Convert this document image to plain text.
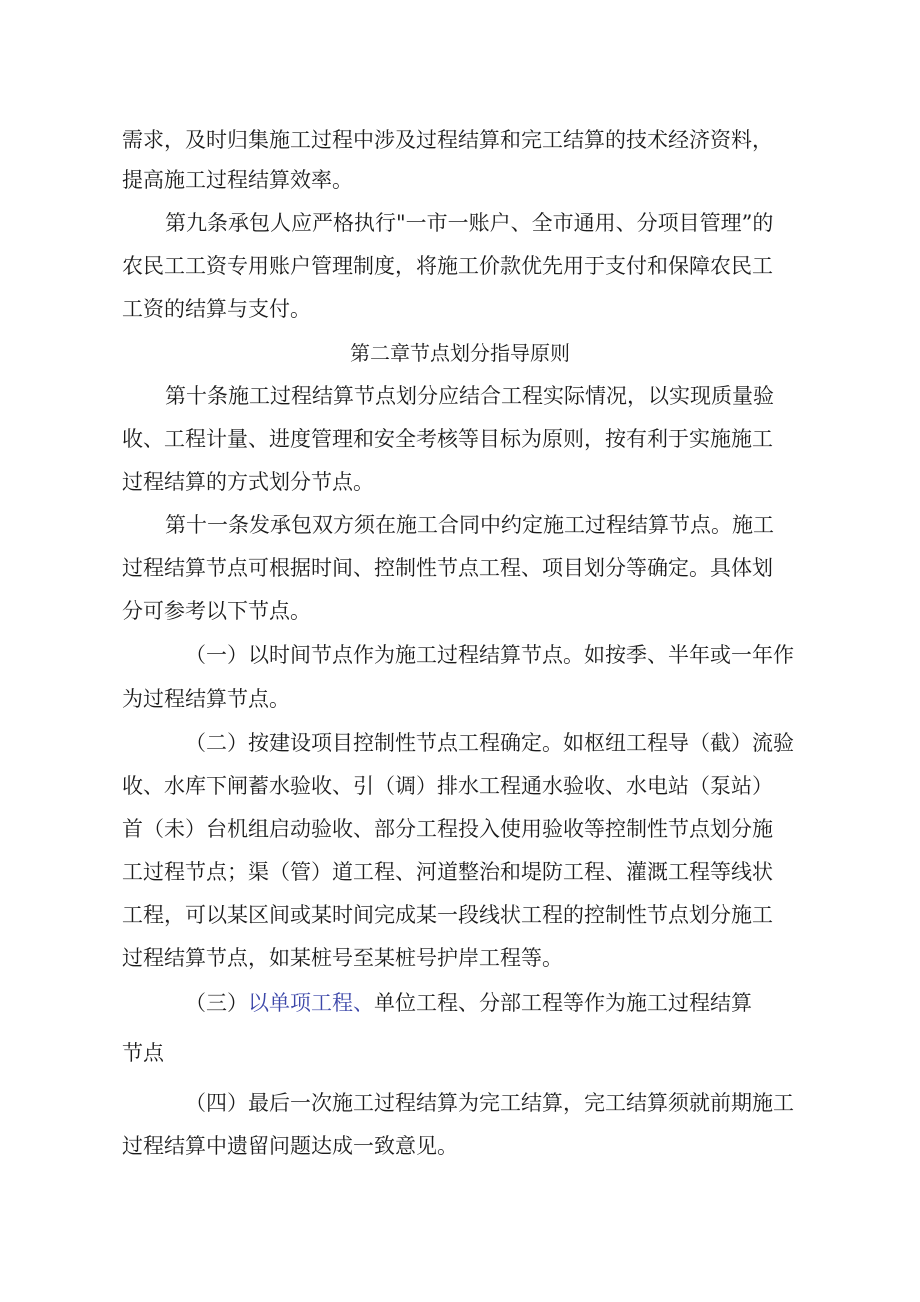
需求，及时归集施工过程中涉及过程结算和完工结算的技术经济资料，
提高施工过程结算效率。
第九条承包人应严格执行"一市一账户、全市通用、分项目管理”的
农民工工资专用账户管理制度，将施工价款优先用于支付和保障农民工
工资的结算与支付。
第二章节点划分指导原则
第十条施工过程结算节点划分应结合工程实际情况，以实现质量验
收、工程计量、进度管理和安全考核等目标为原则，按有利于实施施工
过程结算的方式划分节点。
第十一条发承包双方须在施工合同中约定施工过程结算节点。施工
过程结算节点可根据时间、控制性节点工程、项目划分等确定。具体划
分可参考以下节点。
（一）以时间节点作为施工过程结算节点。如按季、半年或一年作
为过程结算节点。
（二）按建设项目控制性节点工程确定。如枢纽工程导（截）流验
收、水库下闸蓄水验收、引（调）排水工程通水验收、水电站（泵站）
首（未）台机组启动验收、部分工程投入使用验收等控制性节点划分施
工过程节点；渠（管）道工程、河道整治和堤防工程、灌溉工程等线状
工程，可以某区间或某时间完成某一段线状工程的控制性节点划分施工
过程结算节点，如某桩号至某桩号护岸工程等。
（三）以单项工程、单位工程、分部工程等作为施工过程结算
节点
（四）最后一次施工过程结算为完工结算，完工结算须就前期施工
过程结算中遗留问题达成一致意见。
